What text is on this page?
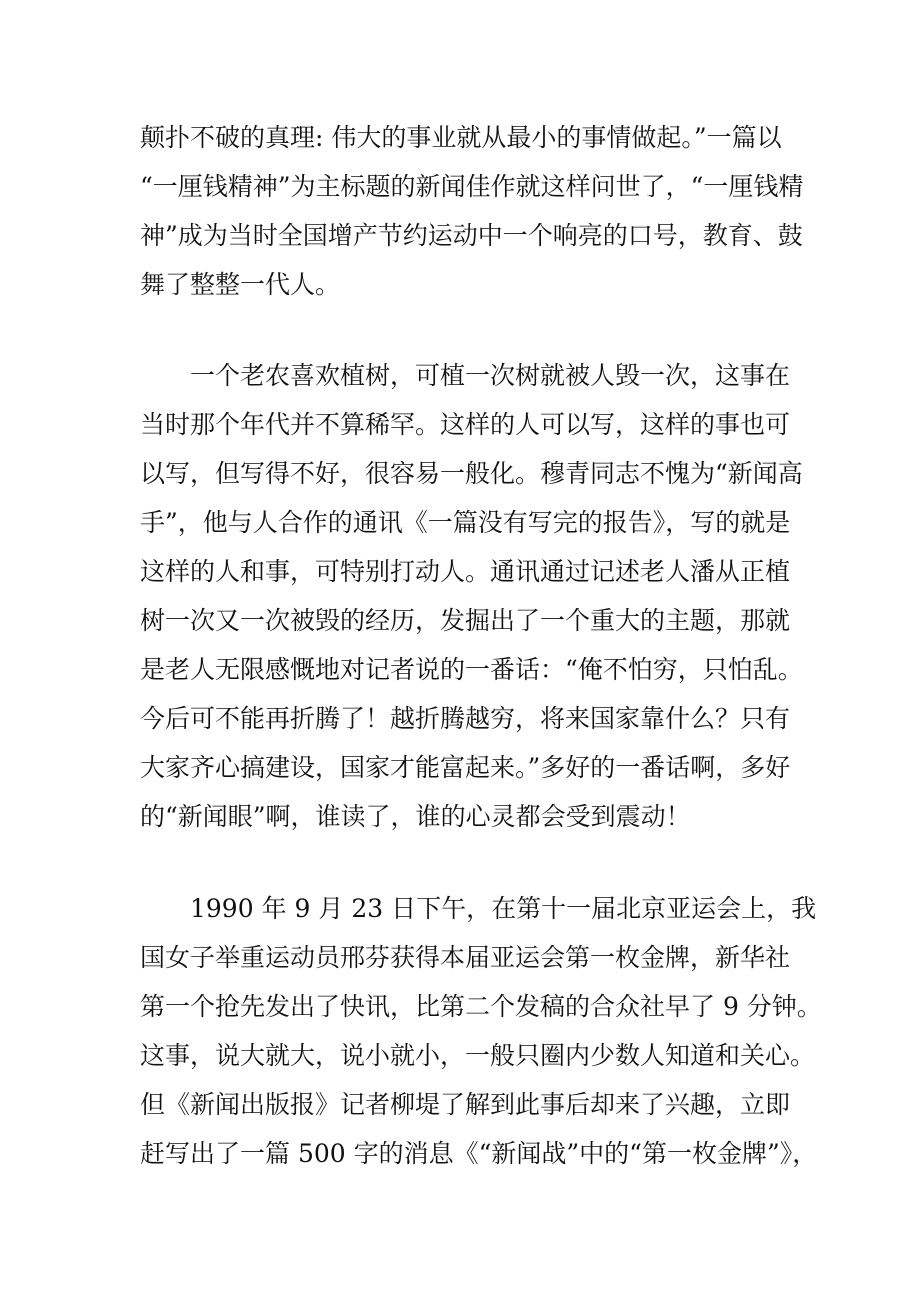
颠扑不破的真理: 伟大的事业就从最小的事情做起。”一篇以
“一厘钱精神”为主标题的新闻佳作就这样问世了，“一厘钱精
神”成为当时全国增产节约运动中一个响亮的口号，教育、鼓
舞了整整一代人。
一个老农喜欢植树，可植一次树就被人毁一次，这事在
当时那个年代并不算稀罕。这样的人可以写，这样的事也可
以写，但写得不好，很容易一般化。穆青同志不愧为“新闻高
手”，他与人合作的通讯《一篇没有写完的报告》，写的就是
这样的人和事，可特别打动人。通讯通过记述老人潘从正植
树一次又一次被毁的经历，发掘出了一个重大的主题，那就
是老人无限感慨地对记者说的一番话：“俺不怕穷，只怕乱。
今后可不能再折腾了！越折腾越穷，将来国家靠什么？只有
大家齐心搞建设，国家才能富起来。”多好的一番话啊，多好
的“新闻眼”啊，谁读了，谁的心灵都会受到震动！
1990 年 9 月 23 日下午，在第十一届北京亚运会上，我
国女子举重运动员邢芬获得本届亚运会第一枚金牌，新华社
第一个抢先发出了快讯，比第二个发稿的合众社早了 9 分钟。
这事，说大就大，说小就小，一般只圈内少数人知道和关心。
但《新闻出版报》记者柳堤了解到此事后却来了兴趣，立即
赶写出了一篇 500 字的消息《“新闻战”中的“第一枚金牌”》，
